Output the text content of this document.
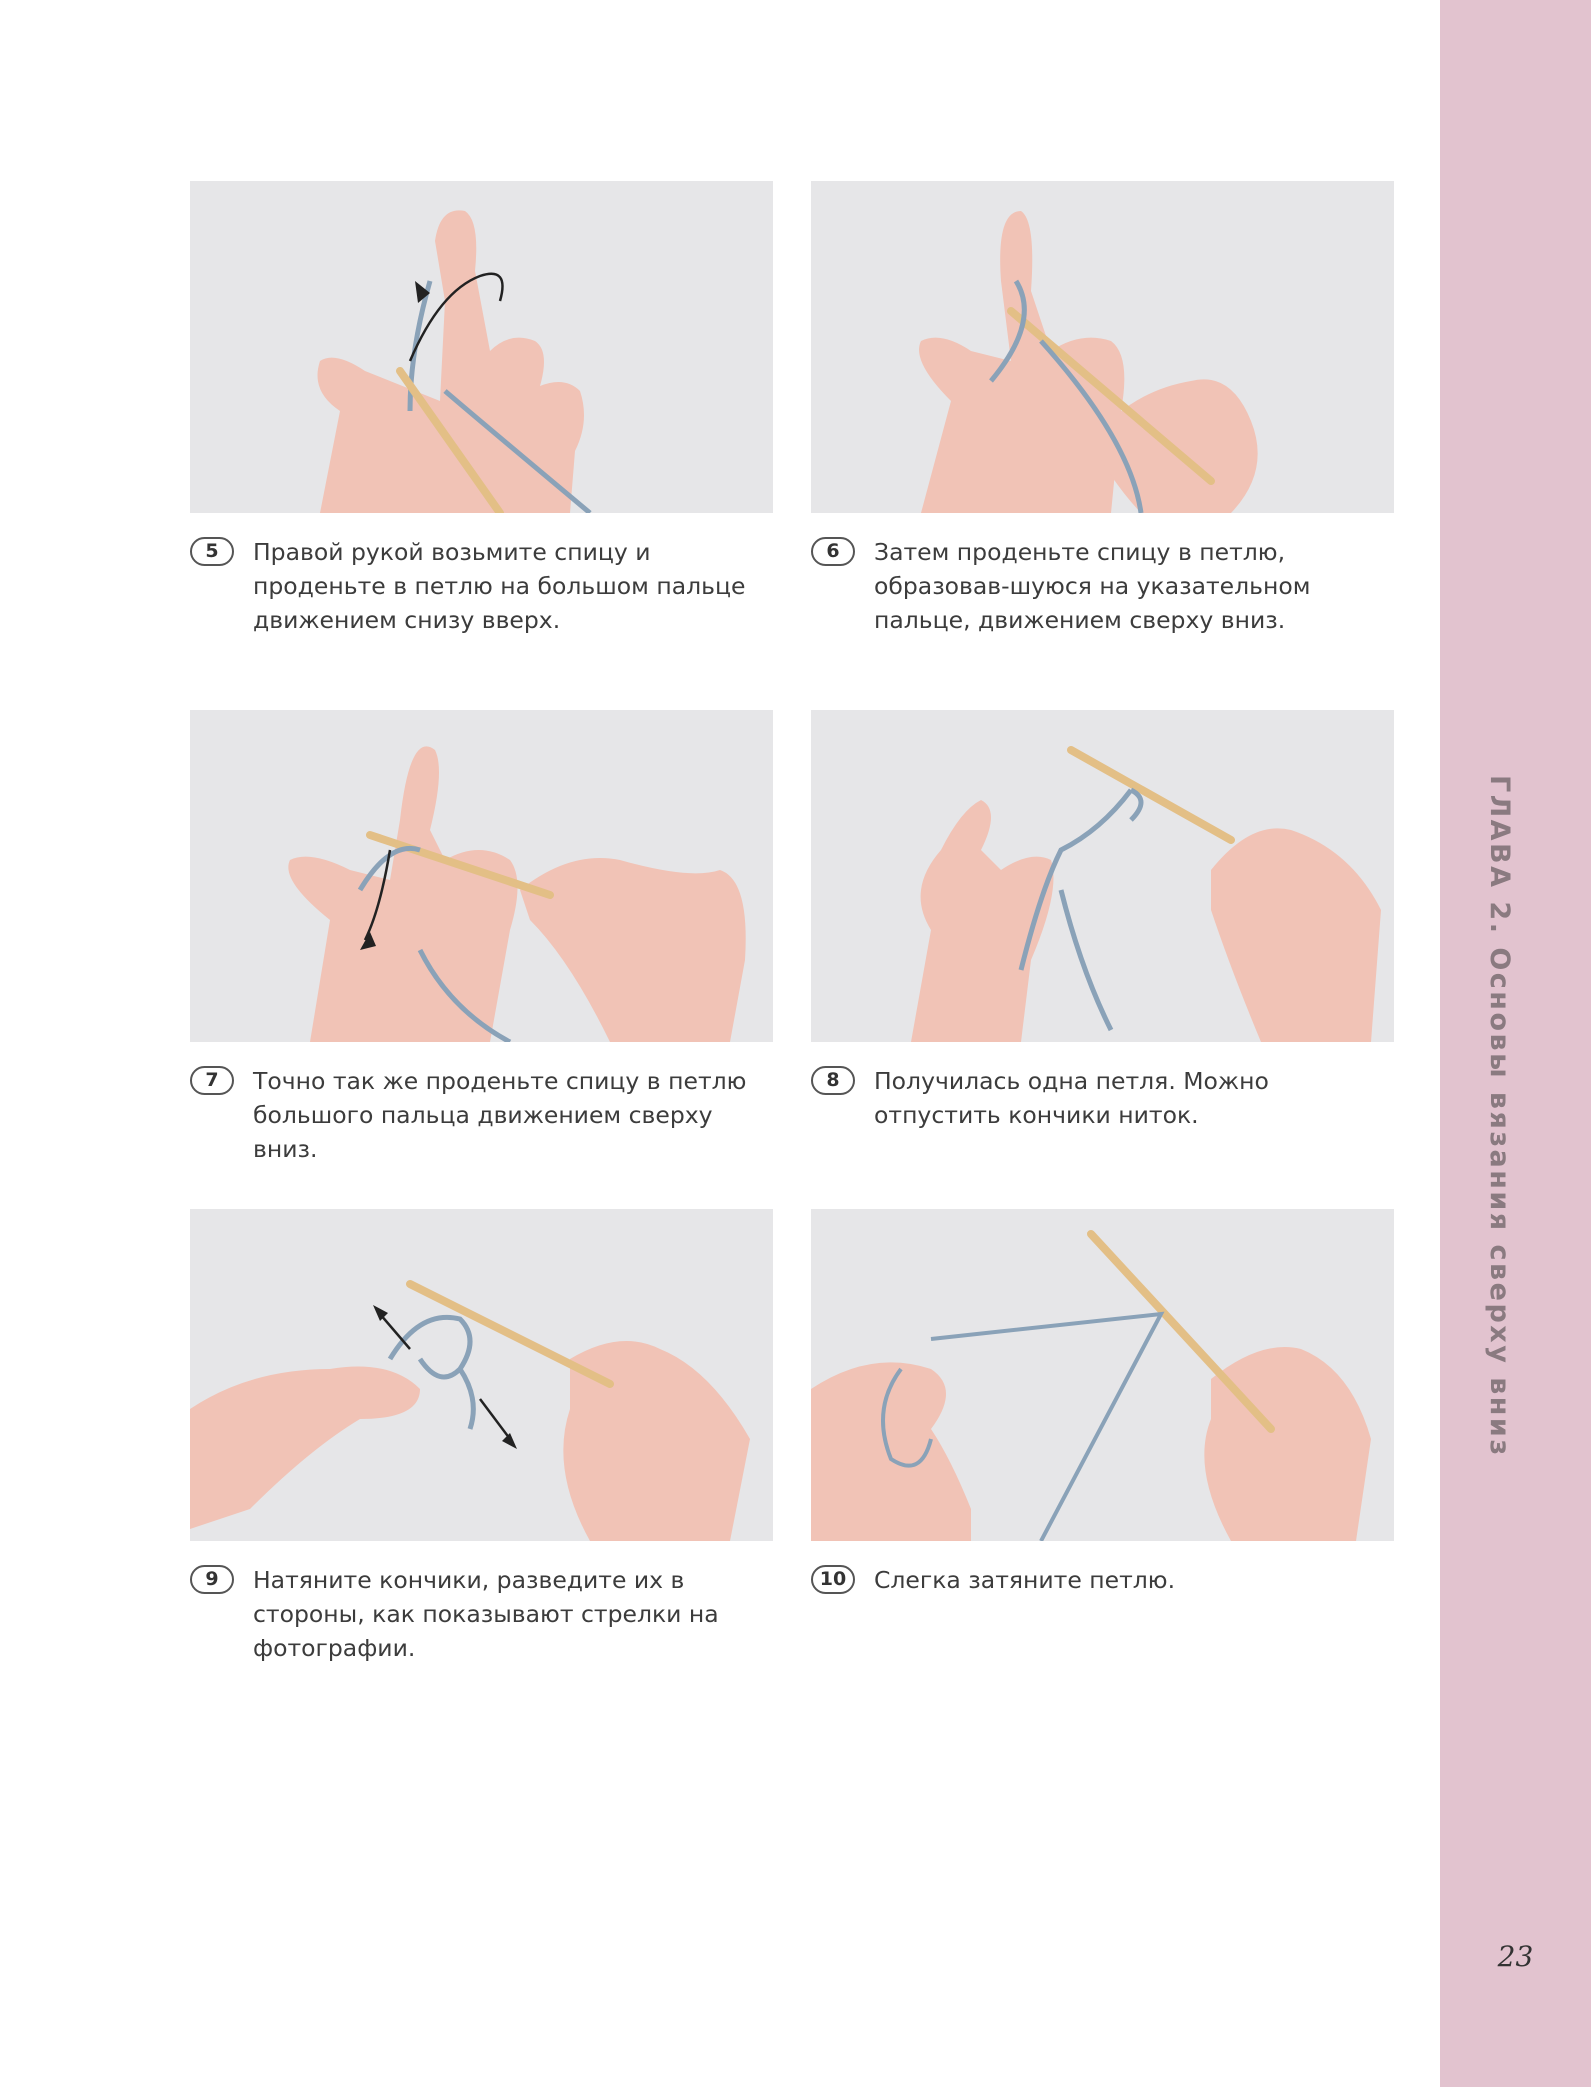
ГЛАВА 2. Основы вязания сверху вниз
23
5	Правой рукой возьмите спицу и проденьте в петлю на большом пальце движением снизу вверх.
6	Затем проденьте спицу в петлю, образовав-шуюся на указательном пальце, движением сверху вниз.
7	Точно так же проденьте спицу в петлю большого пальца движением сверху вниз.
8	Получилась одна петля. Можно отпустить кончики ниток.
9	Натяните кончики, разведите их в стороны, как показывают стрелки на фотографии.
10	Слегка затяните петлю.
